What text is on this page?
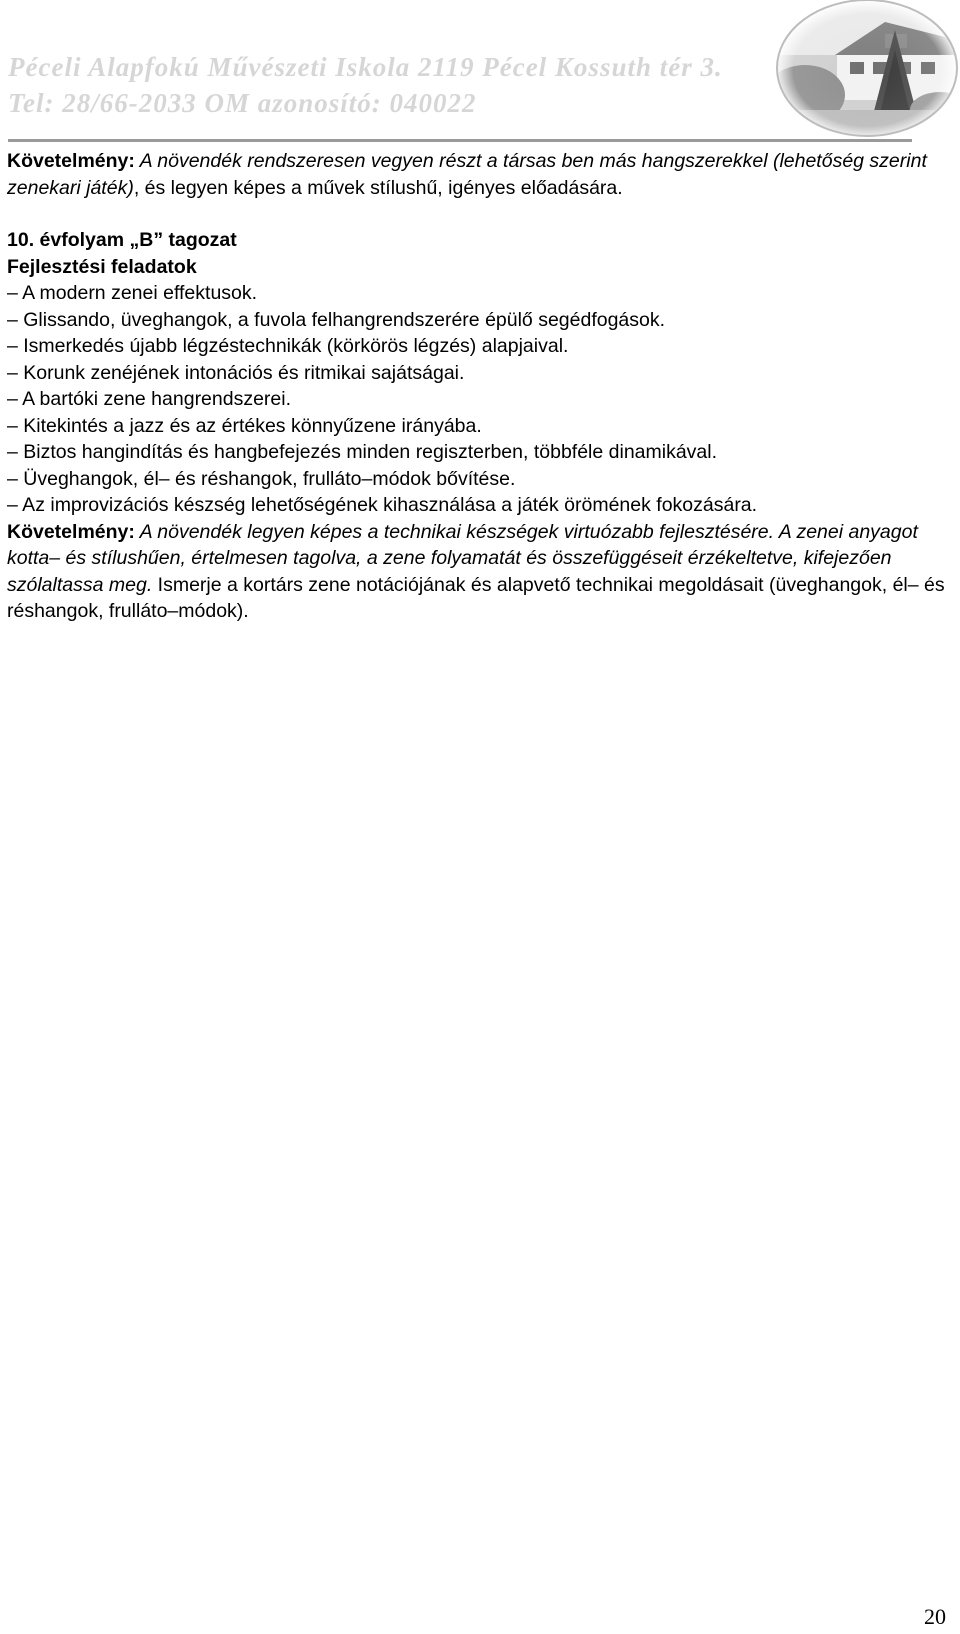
Péceli Alapfokú Művészeti Iskola 2119 Pécel Kossuth tér 3.
Tel: 28/66-2033 OM azonosító: 040022

Követelmény: A növendék rendszeresen vegyen részt a társas ben más hangszerekkel (lehetőség szerint zenekari játék), és legyen képes a művek stílushű, igényes előadására.

10. évfolyam „B” tagozat

Fejlesztési feladatok

– A modern zenei effektusok.

– Glissando, üveghangok, a fuvola felhangrendszerére épülő segédfogások.

– Ismerkedés újabb légzéstechnikák (körkörös légzés) alapjaival.

– Korunk zenéjének intonációs és ritmikai sajátságai.

– A bartóki zene hangrendszerei.

– Kitekintés a jazz és az értékes könnyűzene irányába.

– Biztos hangindítás és hangbefejezés minden regiszterben, többféle dinamikával.

– Üveghangok, él– és réshangok, frulláto–módok bővítése.

– Az improvizációs készség lehetőségének kihasználása a játék örömének fokozására.

Követelmény: A növendék legyen képes a technikai készségek virtuózabb fejlesztésére. A zenei anyagot kotta– és stílushűen, értelmesen tagolva, a zene folyamatát és összefüggéseit érzékeltetve, kifejezően szólaltassa meg. Ismerje a kortárs zene notációjának és alapvető technikai megoldásait (üveghangok, él– és réshangok, frulláto–módok).

20
